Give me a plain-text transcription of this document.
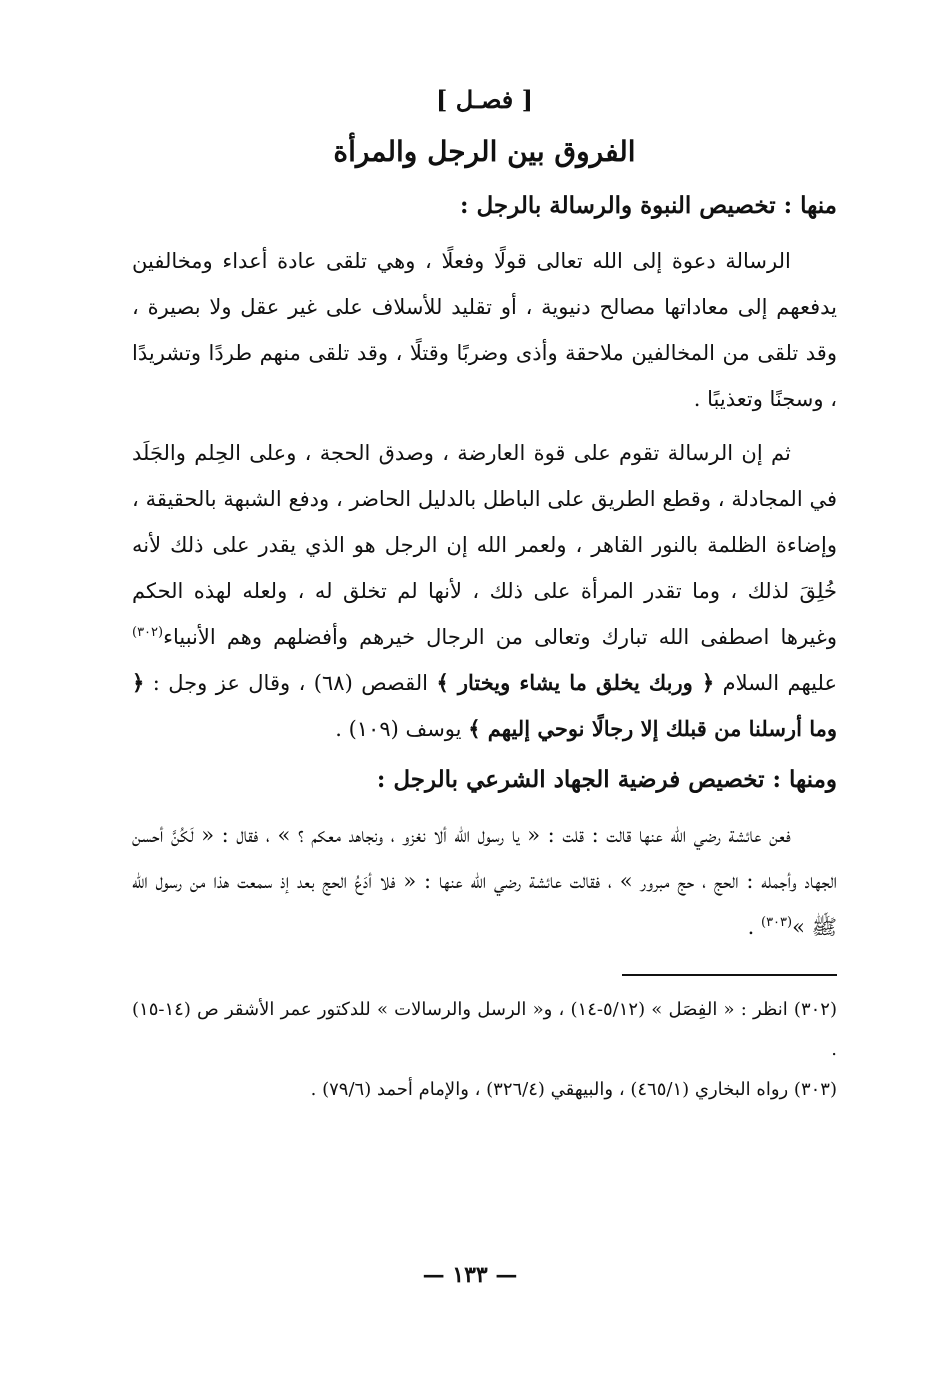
[ فصـل ]
الفروق بين الرجل والمرأة
منها : تخصيص النبوة والرسالة بالرجل :

الرسالة دعوة إلى الله تعالى قولًا وفعلًا ، وهي تلقى عادة أعداء ومخالفين يدفعهم إلى معاداتها مصالح دنيوية ، أو تقليد للأسلاف على غير عقل ولا بصيرة ، وقد تلقى من المخالفين ملاحقة وأذى وضربًا وقتلًا ، وقد تلقى منهم طردًا وتشريدًا ، وسجنًا وتعذيبًا .

ثم إن الرسالة تقوم على قوة العارضة ، وصدق الحجة ، وعلى الحِلم والجَلَد في المجادلة ، وقطع الطريق على الباطل بالدليل الحاضر ، ودفع الشبهة بالحقيقة ، وإضاءة الظلمة بالنور القاهر ، ولعمر الله إن الرجل هو الذي يقدر على ذلك لأنه خُلِقَ لذلك ، وما تقدر المرأة على ذلك ، لأنها لم تخلق له ، ولعله لهذه الحكم وغيرها اصطفى الله تبارك وتعالى من الرجال خيرهم وأفضلهم وهم الأنبياء$^{(٣٠٢)}$ عليهم السلام ﴿ وربك يخلق ما يشاء ويختار ﴾ القصص (٦٨) ، وقال عز وجل : ﴿ وما أرسلنا من قبلك إلا رجالًا نوحي إليهم ﴾ يوسف (١٠٩) .

ومنها : تخصيص فرضية الجهاد الشرعي بالرجل :

فعن عائشة رضي الله عنها قالت : قلت : « يا رسول الله ألا نغزو ، ونجاهد معكم ؟ » ، فقال : « لَكُنَّ أحسن الجهاد وأجمله : الحج ، حج مبرور » ، فقالت عائشة رضي الله عنها : « فلا أدَعُ الحج بعد إذ سمعت هذا من رسول الله ﷺ »$^{(٣٠٣)}$ .

(٣٠٢) انظر : « الفِصَل » (٥/١٢-١٤) ، و« الرسل والرسالات » للدكتور عمر الأشقر ص (١٤-١٥) .

(٣٠٣) رواه البخاري (٤٦٥/١) ، والبيهقي (٣٢٦/٤) ، والإمام أحمد (٧٩/٦) .

— ١٣٣ —
